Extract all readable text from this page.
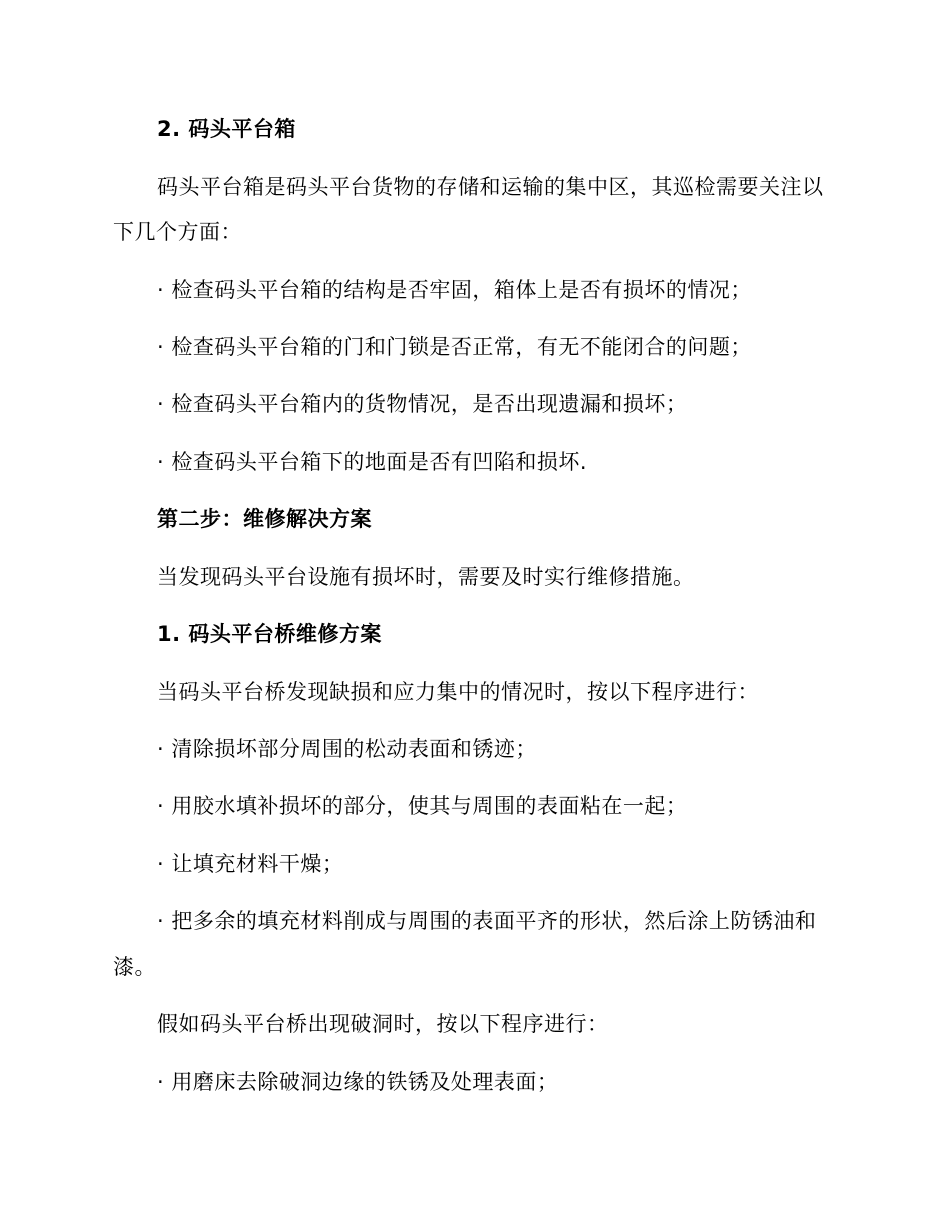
2. 码头平台箱
码头平台箱是码头平台货物的存储和运输的集中区，其巡检需要关注以
下几个方面：
· 检查码头平台箱的结构是否牢固，箱体上是否有损坏的情况；
· 检查码头平台箱的门和门锁是否正常，有无不能闭合的问题；
· 检查码头平台箱内的货物情况，是否出现遗漏和损坏；
· 检查码头平台箱下的地面是否有凹陷和损坏.
第二步：维修解决方案
当发现码头平台设施有损坏时，需要及时实行维修措施。
1. 码头平台桥维修方案
当码头平台桥发现缺损和应力集中的情况时，按以下程序进行：
· 清除损坏部分周围的松动表面和锈迹；
· 用胶水填补损坏的部分，使其与周围的表面粘在一起；
· 让填充材料干燥；
· 把多余的填充材料削成与周围的表面平齐的形状，然后涂上防锈油和
漆。
假如码头平台桥出现破洞时，按以下程序进行：
· 用磨床去除破洞边缘的铁锈及处理表面；
